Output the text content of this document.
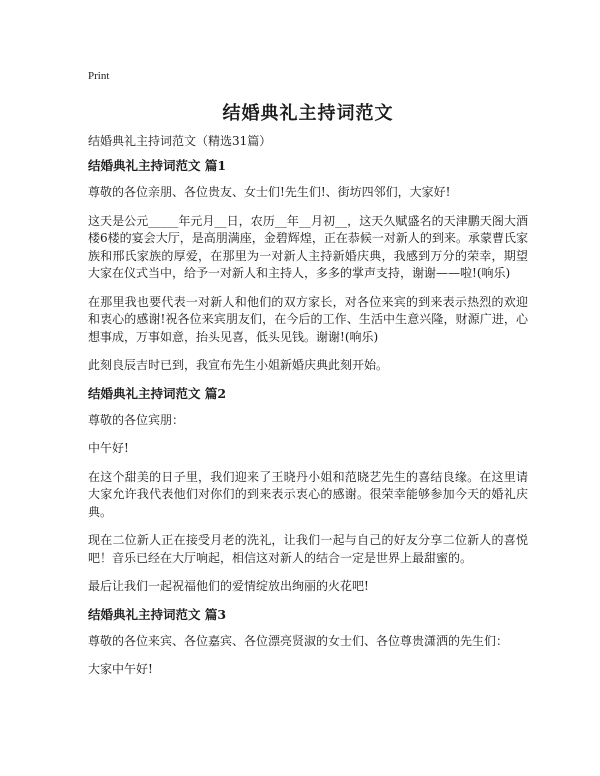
Print
结婚典礼主持词范文
结婚典礼主持词范文（精选31篇）
结婚典礼主持词范文 篇1

尊敬的各位亲朋、各位贵友、女士们!先生们!、街坊四邻们，大家好!

这天是公元_____年元月__日，农历__年__月初__，这天久赋盛名的天津鹏天阁大酒楼6楼的宴会大厅，是高朋满座，金碧辉煌，正在恭候一对新人的到来。承蒙曹氏家族和邢氏家族的厚爱，在那里为一对新人主持新婚庆典，我感到万分的荣幸，期望大家在仪式当中，给予一对新人和主持人，多多的掌声支持，谢谢——啦!(响乐)

在那里我也要代表一对新人和他们的双方家长，对各位来宾的到来表示热烈的欢迎和衷心的感谢!祝各位来宾朋友们，在今后的工作、生活中生意兴隆，财源广进，心想事成，万事如意，抬头见喜，低头见钱。谢谢!(响乐)

此刻良辰吉时已到，我宣布先生小姐新婚庆典此刻开始。

结婚典礼主持词范文 篇2

尊敬的各位宾朋：

中午好!

在这个甜美的日子里，我们迎来了王晓丹小姐和范晓艺先生的喜结良缘。在这里请大家允许我代表他们对你们的到来表示衷心的感谢。很荣幸能够参加今天的婚礼庆典。

现在二位新人正在接受月老的洗礼，让我们一起与自己的好友分享二位新人的喜悦吧！音乐已经在大厅响起，相信这对新人的结合一定是世界上最甜蜜的。

最后让我们一起祝福他们的爱情绽放出绚丽的火花吧!

结婚典礼主持词范文 篇3

尊敬的各位来宾、各位嘉宾、各位漂亮贤淑的女士们、各位尊贵潇洒的先生们：

大家中午好!
